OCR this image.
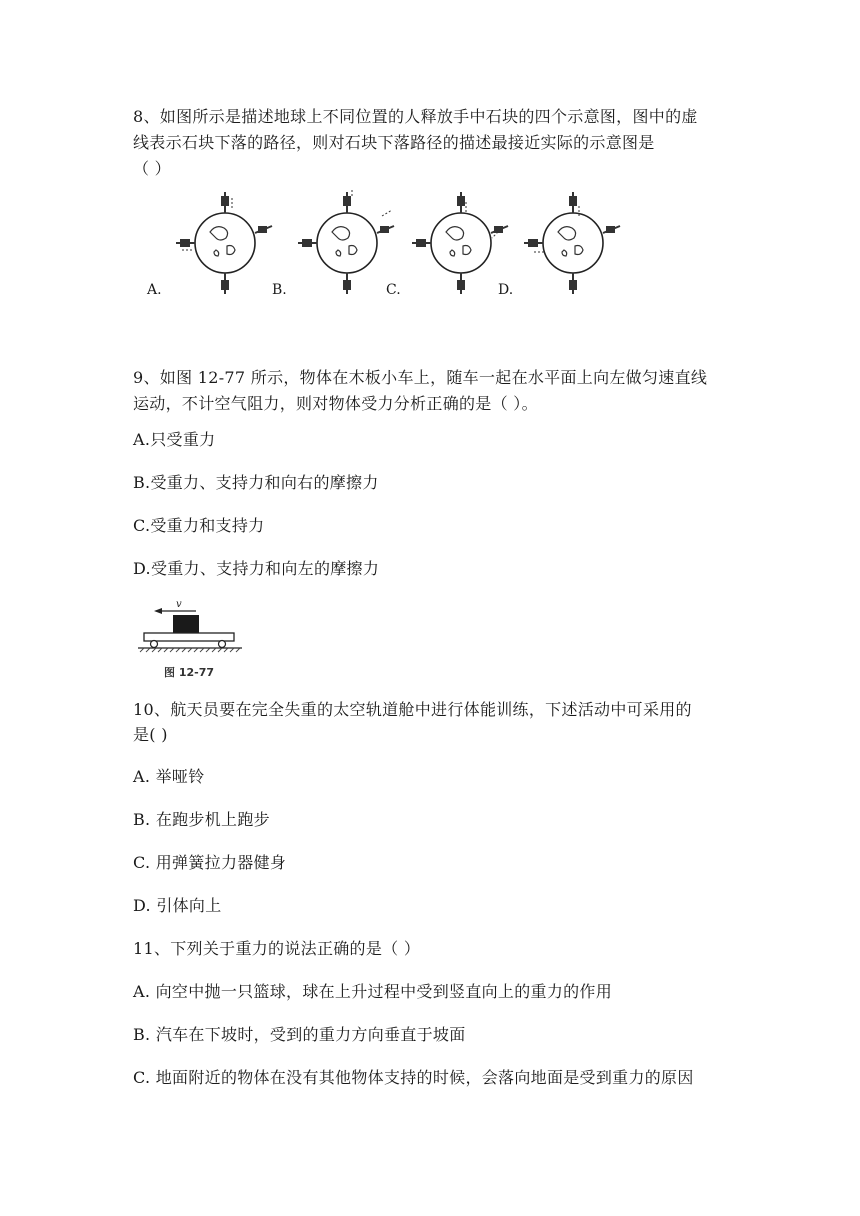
8、如图所示是描述地球上不同位置的人释放手中石块的四个示意图，图中的虚
线表示石块下落的路径，则对石块下落路径的描述最接近实际的示意图是
（ ）
A.	B.	C.	D.
9、如图 12-77 所示，物体在木板小车上，随车一起在水平面上向左做匀速直线
运动，不计空气阻力，则对物体受力分析正确的是（ ）。
A.只受重力
B.受重力、支持力和向右的摩擦力
C.受重力和支持力
D.受重力、支持力和向左的摩擦力
v
图 12-77
10、航天员要在完全失重的太空轨道舱中进行体能训练，下述活动中可采用的
是( )
A. 举哑铃
B. 在跑步机上跑步
C. 用弹簧拉力器健身
D. 引体向上
11、下列关于重力的说法正确的是（ ）
A. 向空中抛一只篮球，球在上升过程中受到竖直向上的重力的作用
B. 汽车在下坡时，受到的重力方向垂直于坡面
C. 地面附近的物体在没有其他物体支持的时候，会落向地面是受到重力的原因
